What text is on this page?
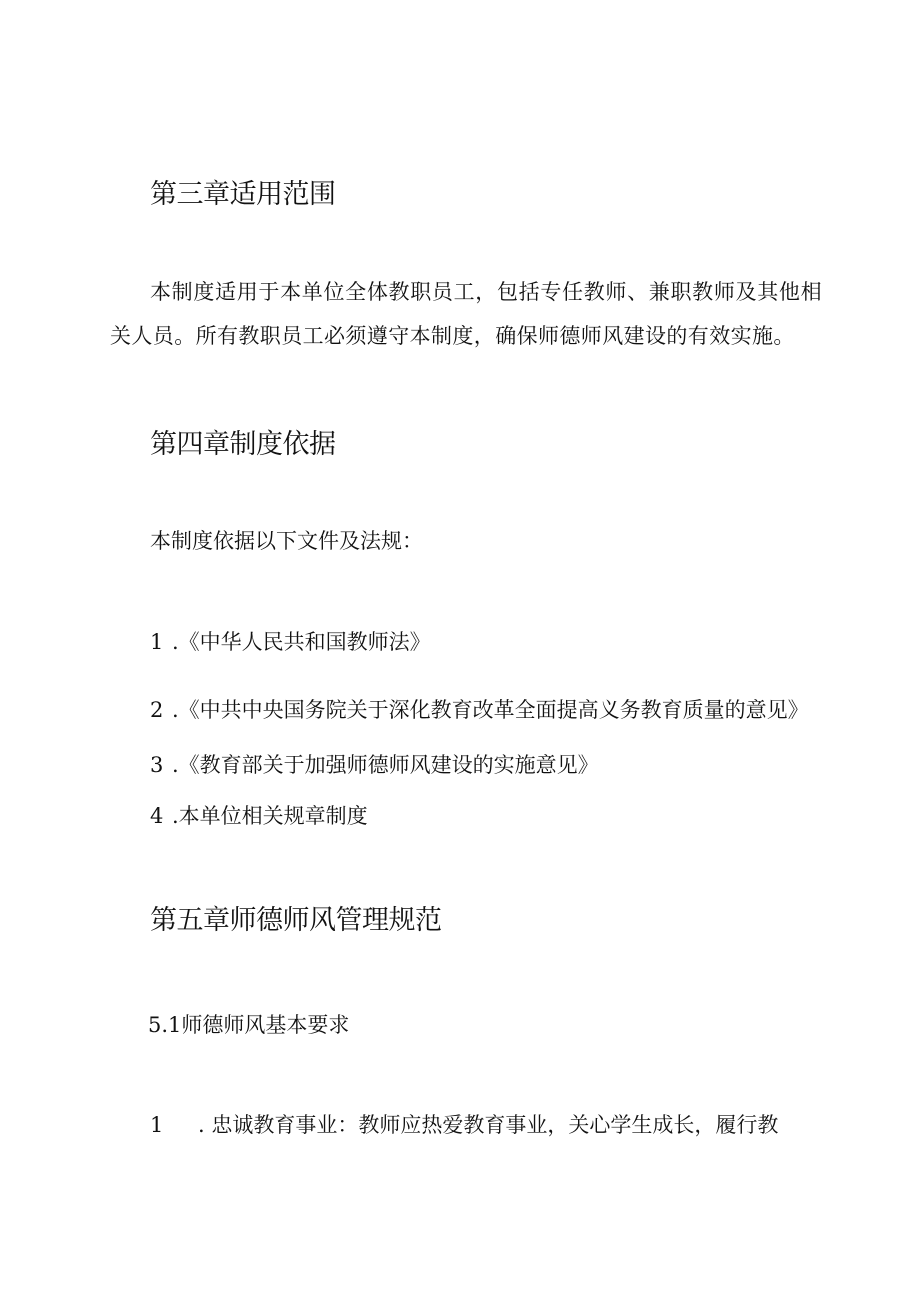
第三章适用范围
本制度适用于本单位全体教职员工，包括专任教师、兼职教师及其他相关人员。所有教职员工必须遵守本制度，确保师德师风建设的有效实施。
第四章制度依据
本制度依据以下文件及法规：
1 .《中华人民共和国教师法》
2 .《中共中央国务院关于深化教育改革全面提高义务教育质量的意见》
3 .《教育部关于加强师德师风建设的实施意见》
4 .本单位相关规章制度
第五章师德师风管理规范
5.1师德师风基本要求
1 . 忠诚教育事业：教师应热爱教育事业，关心学生成长，履行教
